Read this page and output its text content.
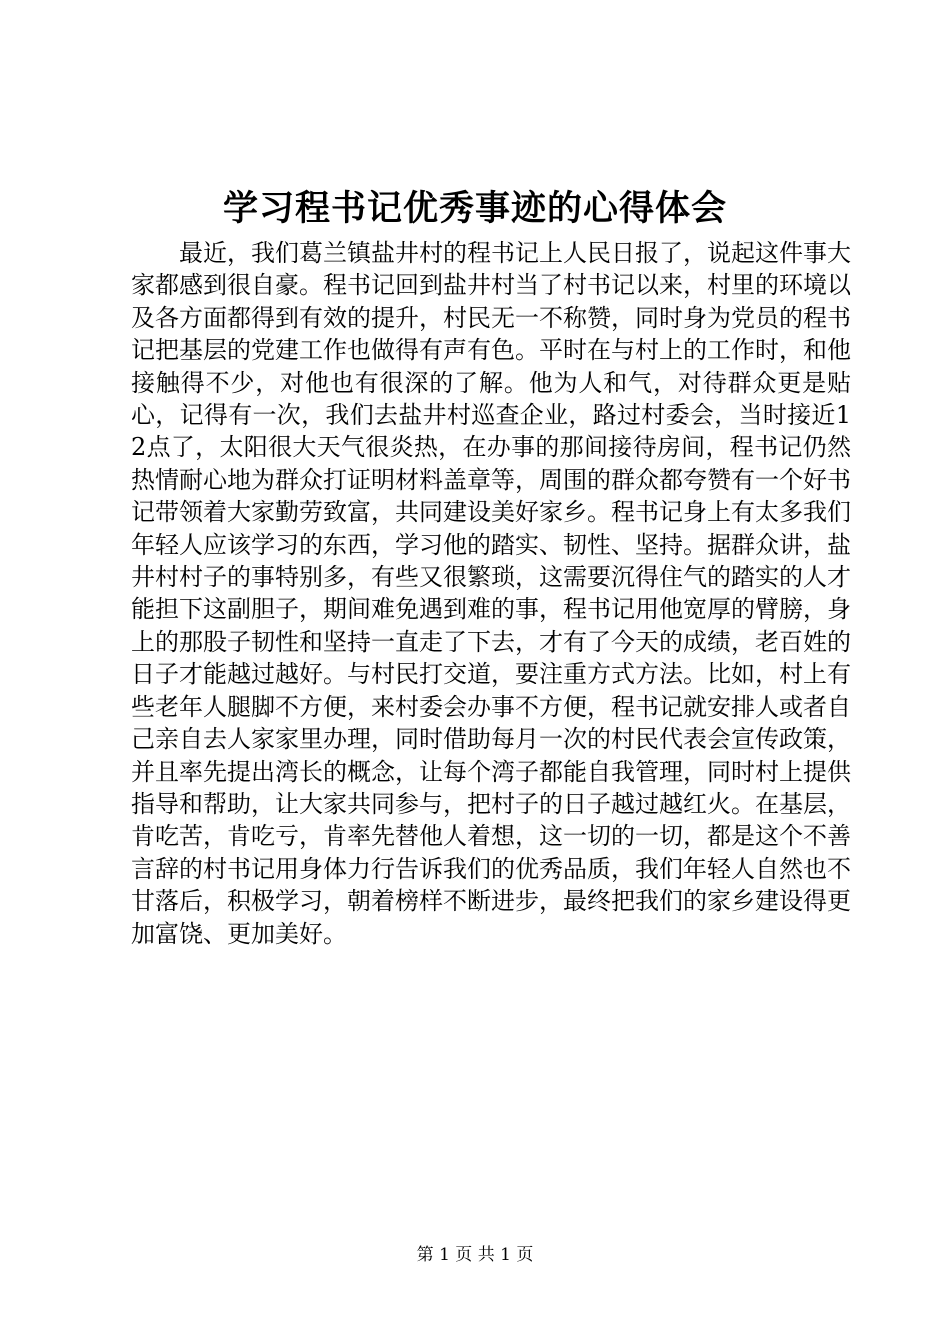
学习程书记优秀事迹的心得体会

最近，我们葛兰镇盐井村的程书记上人民日报了，说起这件事大家都感到很自豪。程书记回到盐井村当了村书记以来，村里的环境以及各方面都得到有效的提升，村民无一不称赞，同时身为党员的程书记把基层的党建工作也做得有声有色。平时在与村上的工作时，和他接触得不少，对他也有很深的了解。他为人和气，对待群众更是贴心，记得有一次，我们去盐井村巡查企业，路过村委会，当时接近12点了，太阳很大天气很炎热，在办事的那间接待房间，程书记仍然热情耐心地为群众打证明材料盖章等，周围的群众都夸赞有一个好书记带领着大家勤劳致富，共同建设美好家乡。程书记身上有太多我们年轻人应该学习的东西，学习他的踏实、韧性、坚持。据群众讲，盐井村村子的事特别多，有些又很繁琐，这需要沉得住气的踏实的人才能担下这副胆子，期间难免遇到难的事，程书记用他宽厚的臂膀，身上的那股子韧性和坚持一直走了下去，才有了今天的成绩，老百姓的日子才能越过越好。与村民打交道，要注重方式方法。比如，村上有些老年人腿脚不方便，来村委会办事不方便，程书记就安排人或者自己亲自去人家家里办理，同时借助每月一次的村民代表会宣传政策，并且率先提出湾长的概念，让每个湾子都能自我管理，同时村上提供指导和帮助，让大家共同参与，把村子的日子越过越红火。在基层，肯吃苦，肯吃亏，肯率先替他人着想，这一切的一切，都是这个不善言辞的村书记用身体力行告诉我们的优秀品质，我们年轻人自然也不甘落后，积极学习，朝着榜样不断进步，最终把我们的家乡建设得更加富饶、更加美好。

第 1 页 共 1 页
